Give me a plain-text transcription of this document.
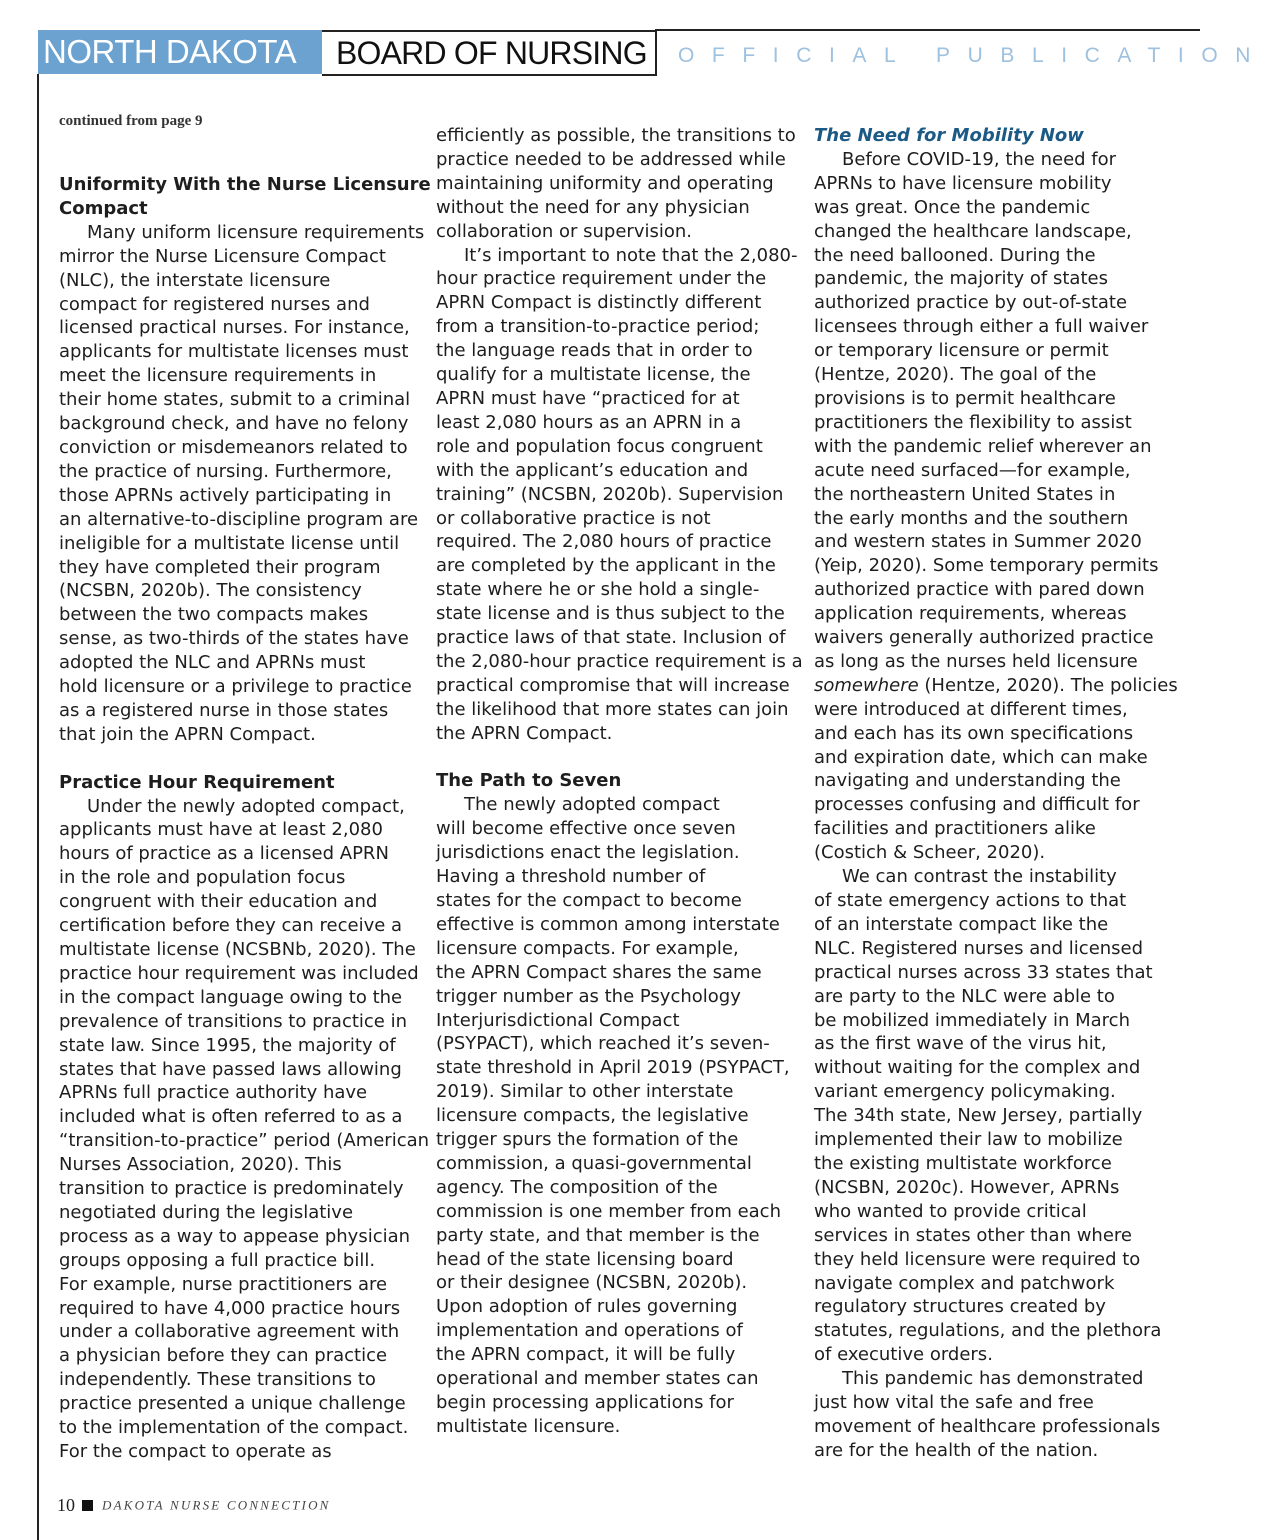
NORTH DAKOTA	BOARD OF NURSING	OFFICIAL PUBLICATION
continued from page 9
Uniformity With the Nurse Licensure
Compact

Many uniform licensure requirements

mirror the Nurse Licensure Compact

(NLC), the interstate licensure

compact for registered nurses and

licensed practical nurses. For instance,

applicants for multistate licenses must

meet the licensure requirements in

their home states, submit to a criminal

background check, and have no felony

conviction or misdemeanors related to

the practice of nursing. Furthermore,

those APRNs actively participating in

an alternative-to-discipline program are

ineligible for a multistate license until

they have completed their program

(NCSBN, 2020b). The consistency

between the two compacts makes

sense, as two-thirds of the states have

adopted the NLC and APRNs must

hold licensure or a privilege to practice

as a registered nurse in those states

that join the APRN Compact.

Practice Hour Requirement

Under the newly adopted compact,

applicants must have at least 2,080

hours of practice as a licensed APRN

in the role and population focus

congruent with their education and

certification before they can receive a

multistate license (NCSBNb, 2020). The

practice hour requirement was included

in the compact language owing to the

prevalence of transitions to practice in

state law. Since 1995, the majority of

states that have passed laws allowing

APRNs full practice authority have

included what is often referred to as a

“transition-to-practice” period (American

Nurses Association, 2020). This

transition to practice is predominately

negotiated during the legislative

process as a way to appease physician

groups opposing a full practice bill.

For example, nurse practitioners are

required to have 4,000 practice hours

under a collaborative agreement with

a physician before they can practice

independently. These transitions to

practice presented a unique challenge

to the implementation of the compact.

For the compact to operate as

efficiently as possible, the transitions to

practice needed to be addressed while

maintaining uniformity and operating

without the need for any physician

collaboration or supervision.

It’s important to note that the 2,080-

hour practice requirement under the

APRN Compact is distinctly different

from a transition-to-practice period;

the language reads that in order to

qualify for a multistate license, the

APRN must have “practiced for at

least 2,080 hours as an APRN in a

role and population focus congruent

with the applicant’s education and

training” (NCSBN, 2020b). Supervision

or collaborative practice is not

required. The 2,080 hours of practice

are completed by the applicant in the

state where he or she hold a single-

state license and is thus subject to the

practice laws of that state. Inclusion of

the 2,080-hour practice requirement is a

practical compromise that will increase

the likelihood that more states can join

the APRN Compact.

The Path to Seven

The newly adopted compact

will become effective once seven

jurisdictions enact the legislation.

Having a threshold number of

states for the compact to become

effective is common among interstate

licensure compacts. For example,

the APRN Compact shares the same

trigger number as the Psychology

Interjurisdictional Compact

(PSYPACT), which reached it’s seven-

state threshold in April 2019 (PSYPACT,

2019). Similar to other interstate

licensure compacts, the legislative

trigger spurs the formation of the

commission, a quasi-governmental

agency. The composition of the

commission is one member from each

party state, and that member is the

head of the state licensing board

or their designee (NCSBN, 2020b).

Upon adoption of rules governing

implementation and operations of

the APRN compact, it will be fully

operational and member states can

begin processing applications for

multistate licensure.

The Need for Mobility Now

Before COVID-19, the need for

APRNs to have licensure mobility

was great. Once the pandemic

changed the healthcare landscape,

the need ballooned. During the

pandemic, the majority of states

authorized practice by out-of-state

licensees through either a full waiver

or temporary licensure or permit

(Hentze, 2020). The goal of the

provisions is to permit healthcare

practitioners the flexibility to assist

with the pandemic relief wherever an

acute need surfaced—for example,

the northeastern United States in

the early months and the southern

and western states in Summer 2020

(Yeip, 2020). Some temporary permits

authorized practice with pared down

application requirements, whereas

waivers generally authorized practice

as long as the nurses held licensure

somewhere (Hentze, 2020). The policies

were introduced at different times,

and each has its own specifications

and expiration date, which can make

navigating and understanding the

processes confusing and difficult for

facilities and practitioners alike

(Costich & Scheer, 2020).

We can contrast the instability

of state emergency actions to that

of an interstate compact like the

NLC. Registered nurses and licensed

practical nurses across 33 states that

are party to the NLC were able to

be mobilized immediately in March

as the first wave of the virus hit,

without waiting for the complex and

variant emergency policymaking.

The 34th state, New Jersey, partially

implemented their law to mobilize

the existing multistate workforce

(NCSBN, 2020c). However, APRNs

who wanted to provide critical

services in states other than where

they held licensure were required to

navigate complex and patchwork

regulatory structures created by

statutes, regulations, and the plethora

of executive orders.

This pandemic has demonstrated

just how vital the safe and free

movement of healthcare professionals

are for the health of the nation.

10 DAKOTA NURSE CONNECTION
